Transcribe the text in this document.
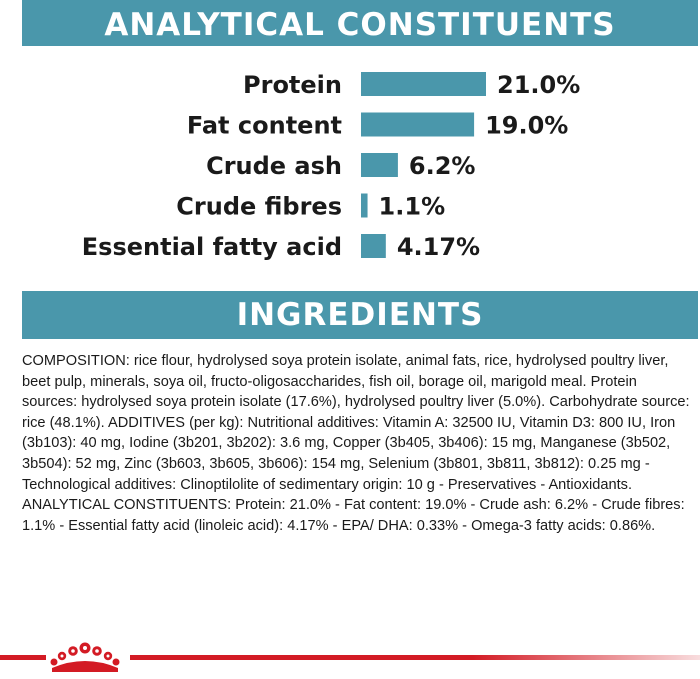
ANALYTICAL CONSTITUENTS
Protein	21.0%
Fat content	19.0%
Crude ash	6.2%
Crude fibres 1.1%
Essential fatty acid 4.17%
INGREDIENTS

COMPOSITION: rice flour, hydrolysed soya protein isolate, animal fats, rice, hydrolysed poultry liver, beet pulp, minerals, soya oil, fructo-oligosaccharides, fish oil, borage oil, marigold meal. Protein sources: hydrolysed soya protein isolate (17.6%), hydrolysed poultry liver (5.0%). Carbohydrate source: rice (48.1%). ADDITIVES (per kg): Nutritional additives: Vitamin A: 32500 IU, Vitamin D3: 800 IU, Iron (3b103): 40 mg, Iodine (3b201, 3b202): 3.6 mg, Copper (3b405, 3b406): 15 mg, Manganese (3b502, 3b504): 52 mg, Zinc (3b603, 3b605, 3b606): 154 mg, Selenium (3b801, 3b811, 3b812): 0.25 mg - Technological additives: Clinoptilolite of sedimentary origin: 10 g - Preservatives - Antioxidants. ANALYTICAL CONSTITUENTS: Protein: 21.0% - Fat content: 19.0% - Crude ash: 6.2% - Crude fibres: 1.1% - Essential fatty acid (linoleic acid): 4.17% - EPA/ DHA: 0.33% - Omega-3 fatty acids: 0.86%.
